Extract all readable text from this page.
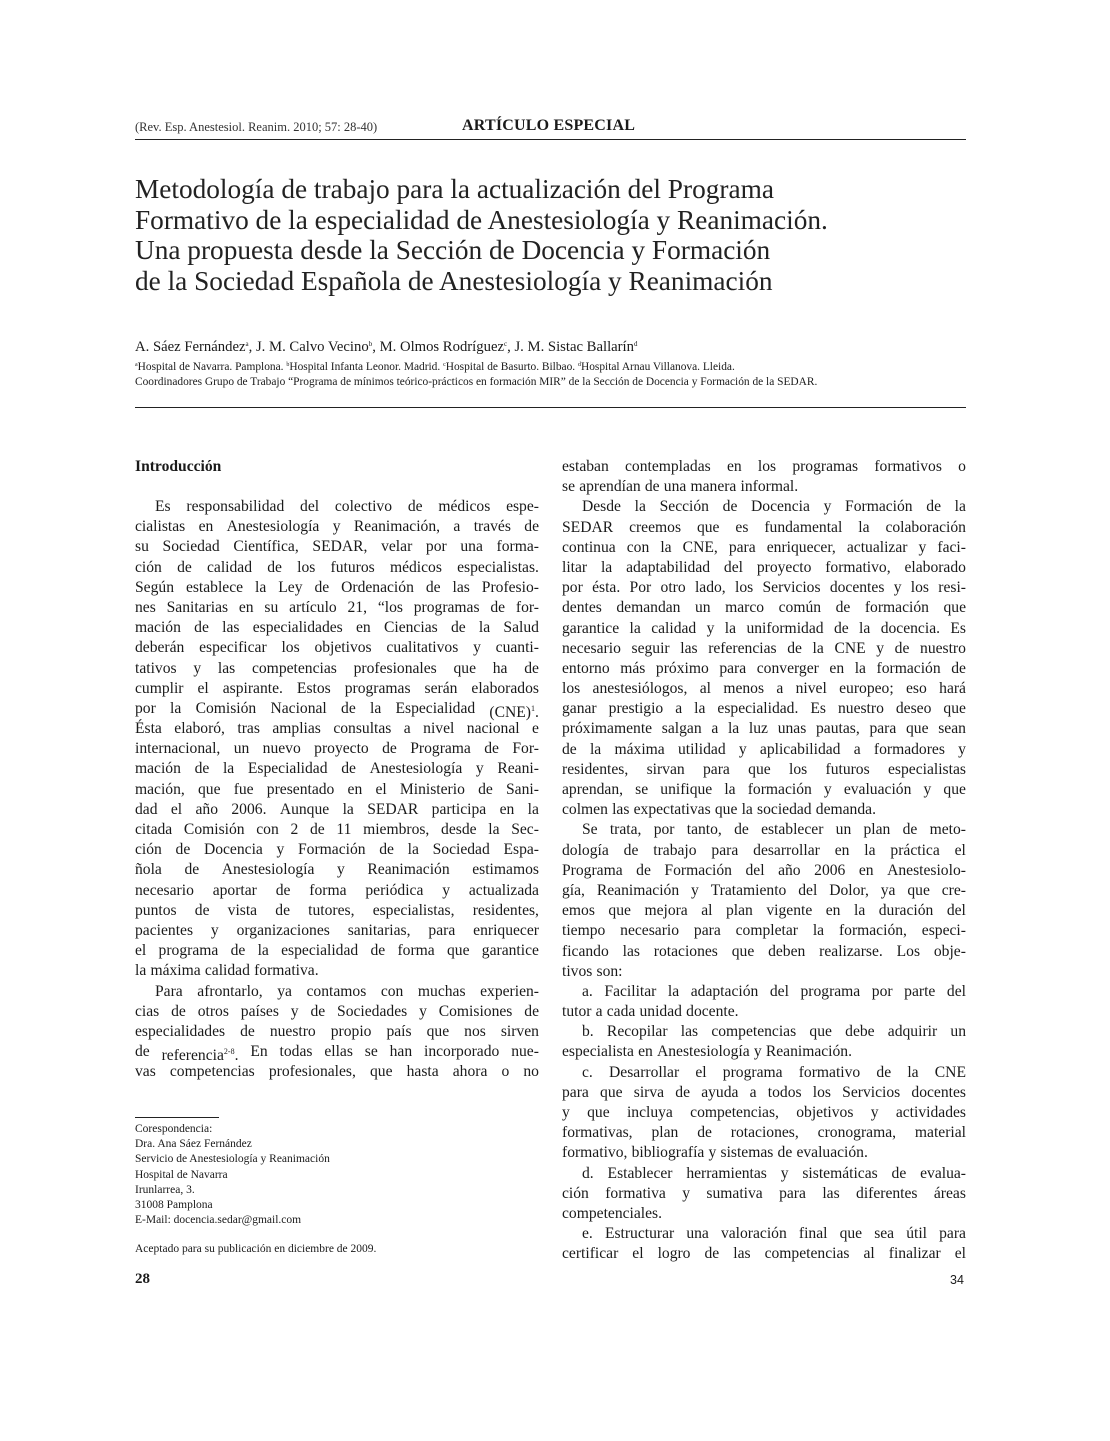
(Rev. Esp. Anestesiol. Reanim. 2010; 57: 28-40)	ARTÍCULO ESPECIAL
Metodología de trabajo para la actualización del Programa
Formativo de la especialidad de Anestesiología y Reanimación.
Una propuesta desde la Sección de Docencia y Formación
de la Sociedad Española de Anestesiología y Reanimación
A. Sáez Fernández$^a$, J. M. Calvo Vecino$^b$, M. Olmos Rodríguez$^c$, J. M. Sistac Ballarín$^d$
$^a$Hospital de Navarra. Pamplona. $^b$Hospital Infanta Leonor. Madrid. $^c$Hospital de Basurto. Bilbao. $^d$Hospital Arnau Villanova. Lleida.
Coordinadores Grupo de Trabajo “Programa de mínimos teórico-prácticos en formación MIR” de la Sección de Docencia y Formación de la SEDAR.
Introducción
Es responsabilidad del colectivo de médicos espe-
cialistas en Anestesiología y Reanimación, a través de
su Sociedad Científica, SEDAR, velar por una forma-
ción de calidad de los futuros médicos especialistas.
Según establece la Ley de Ordenación de las Profesio-
nes Sanitarias en su artículo 21, “los programas de for-
mación de las especialidades en Ciencias de la Salud
deberán especificar los objetivos cualitativos y cuanti-
tativos y las competencias profesionales que ha de
cumplir el aspirante. Estos programas serán elaborados
por la Comisión Nacional de la Especialidad (CNE)$^1$.
Ésta elaboró, tras amplias consultas a nivel nacional e
internacional, un nuevo proyecto de Programa de For-
mación de la Especialidad de Anestesiología y Reani-
mación, que fue presentado en el Ministerio de Sani-
dad el año 2006. Aunque la SEDAR participa en la
citada Comisión con 2 de 11 miembros, desde la Sec-
ción de Docencia y Formación de la Sociedad Espa-
ñola de Anestesiología y Reanimación estimamos
necesario aportar de forma periódica y actualizada
puntos de vista de tutores, especialistas, residentes,
pacientes y organizaciones sanitarias, para enriquecer
el programa de la especialidad de forma que garantice
la máxima calidad formativa.
Para afrontarlo, ya contamos con muchas experien-
cias de otros países y de Sociedades y Comisiones de
especialidades de nuestro propio país que nos sirven
de referencia$^{2-8}$. En todas ellas se han incorporado nue-
vas competencias profesionales, que hasta ahora o no
estaban contempladas en los programas formativos o
se aprendían de una manera informal.
Desde la Sección de Docencia y Formación de la
SEDAR creemos que es fundamental la colaboración
continua con la CNE, para enriquecer, actualizar y faci-
litar la adaptabilidad del proyecto formativo, elaborado
por ésta. Por otro lado, los Servicios docentes y los resi-
dentes demandan un marco común de formación que
garantice la calidad y la uniformidad de la docencia. Es
necesario seguir las referencias de la CNE y de nuestro
entorno más próximo para converger en la formación de
los anestesiólogos, al menos a nivel europeo; eso hará
ganar prestigio a la especialidad. Es nuestro deseo que
próximamente salgan a la luz unas pautas, para que sean
de la máxima utilidad y aplicabilidad a formadores y
residentes, sirvan para que los futuros especialistas
aprendan, se unifique la formación y evaluación y que
colmen las expectativas que la sociedad demanda.
Se trata, por tanto, de establecer un plan de meto-
dología de trabajo para desarrollar en la práctica el
Programa de Formación del año 2006 en Anestesiolo-
gía, Reanimación y Tratamiento del Dolor, ya que cre-
emos que mejora al plan vigente en la duración del
tiempo necesario para completar la formación, especi-
ficando las rotaciones que deben realizarse. Los obje-
tivos son:
a. Facilitar la adaptación del programa por parte del
tutor a cada unidad docente.
b. Recopilar las competencias que debe adquirir un
especialista en Anestesiología y Reanimación.
c. Desarrollar el programa formativo de la CNE
para que sirva de ayuda a todos los Servicios docentes
y que incluya competencias, objetivos y actividades
formativas, plan de rotaciones, cronograma, material
formativo, bibliografía y sistemas de evaluación.
d. Establecer herramientas y sistemáticas de evalua-
ción formativa y sumativa para las diferentes áreas
competenciales.
e. Estructurar una valoración final que sea útil para
certificar el logro de las competencias al finalizar el
Corespondencia:
Dra. Ana Sáez Fernández
Servicio de Anestesiología y Reanimación
Hospital de Navarra
Irunlarrea, 3.
31008 Pamplona
E-Mail: docencia.sedar@gmail.com
Aceptado para su publicación en diciembre de 2009.
28	34
